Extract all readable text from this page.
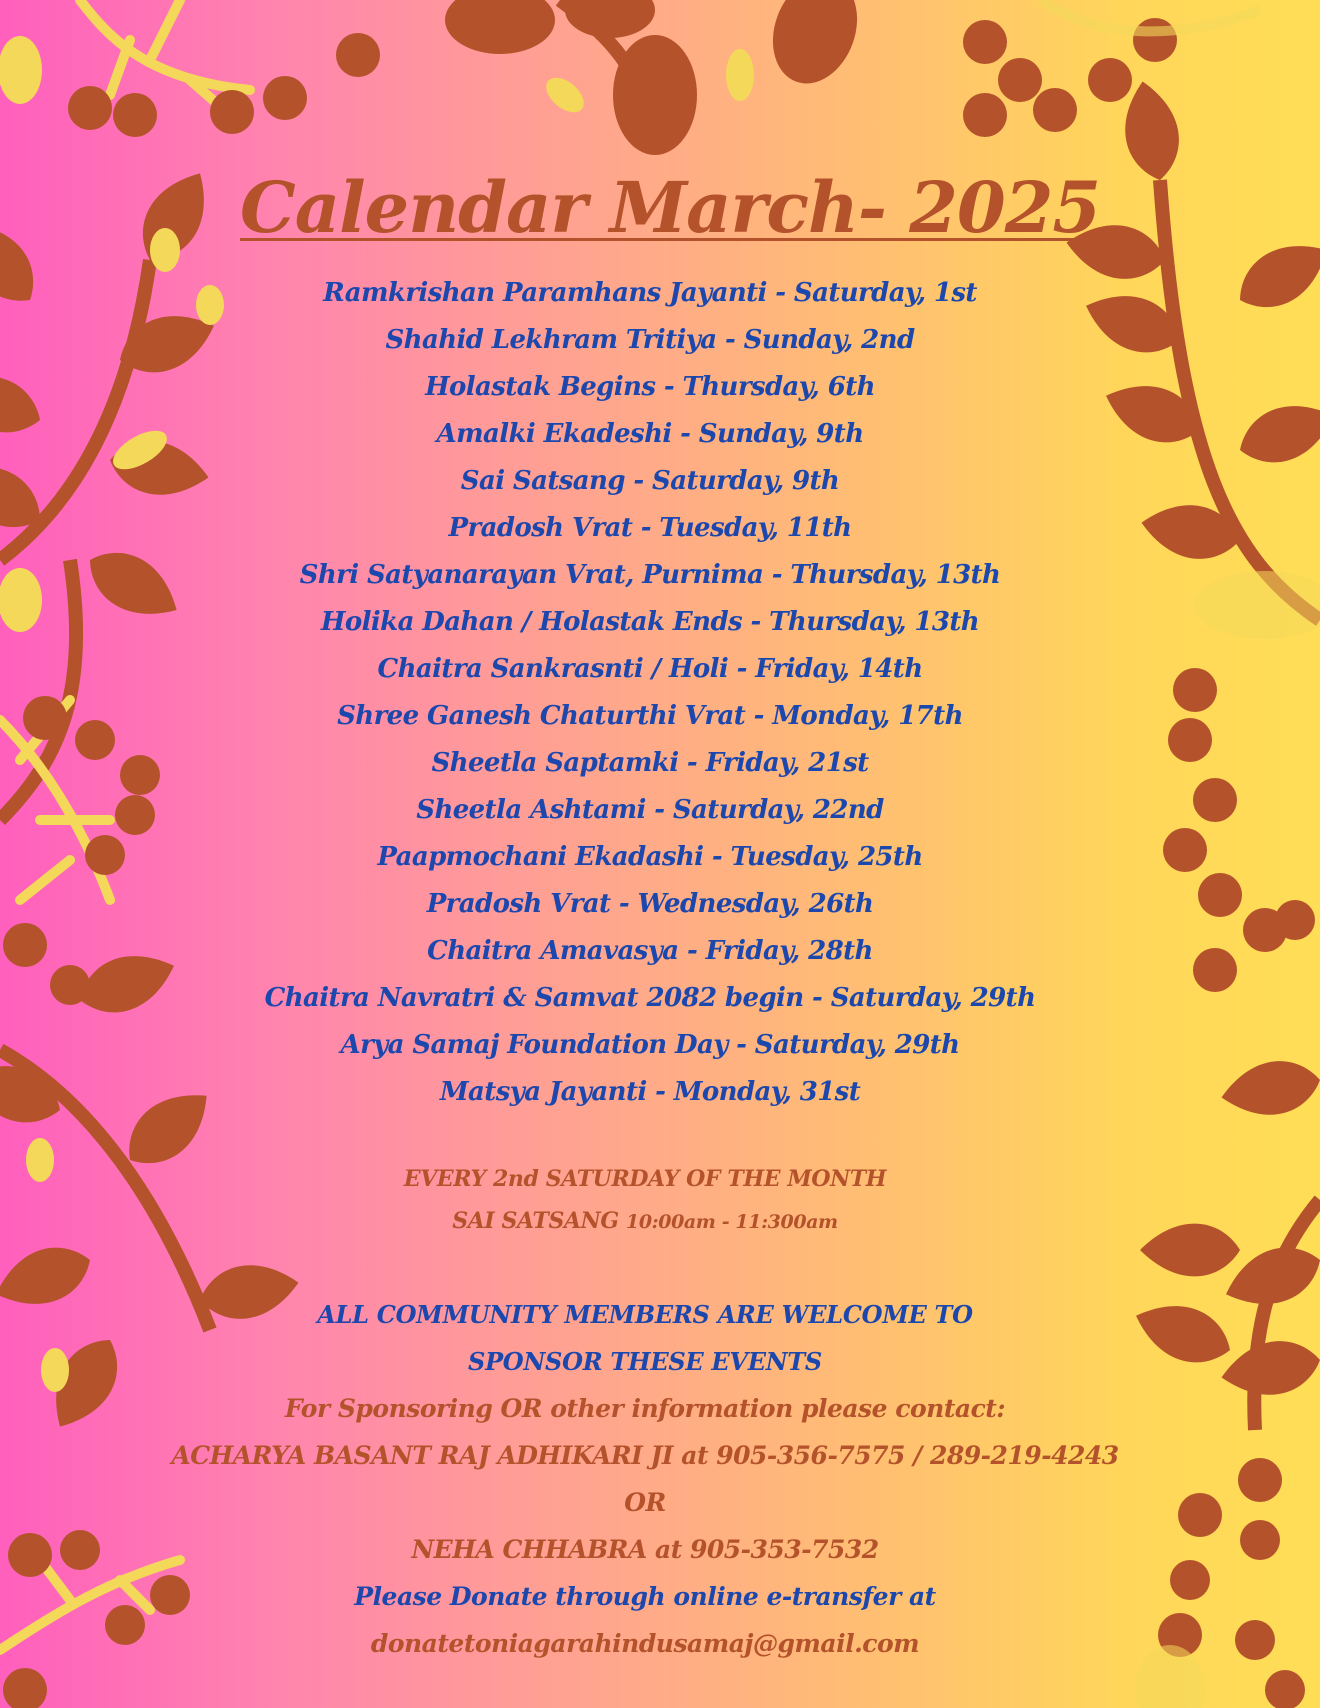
Calendar March- 2025
Ramkrishan Paramhans Jayanti - Saturday, 1st
Shahid Lekhram Tritiya - Sunday, 2nd
Holastak Begins - Thursday, 6th
Amalki Ekadeshi - Sunday, 9th
Sai Satsang - Saturday, 9th
Pradosh Vrat - Tuesday, 11th
Shri Satyanarayan Vrat, Purnima - Thursday, 13th
Holika Dahan / Holastak Ends - Thursday, 13th
Chaitra Sankrasnti / Holi - Friday, 14th
Shree Ganesh Chaturthi Vrat - Monday, 17th
Sheetla Saptamki - Friday, 21st
Sheetla Ashtami - Saturday, 22nd
Paapmochani Ekadashi - Tuesday, 25th
Pradosh Vrat - Wednesday, 26th
Chaitra Amavasya - Friday, 28th
Chaitra Navratri & Samvat 2082 begin - Saturday, 29th
Arya Samaj Foundation Day - Saturday, 29th
Matsya Jayanti - Monday, 31st

EVERY 2nd SATURDAY OF THE MONTH

SAI SATSANG 10:00am - 11:300am

ALL COMMUNITY MEMBERS ARE WELCOME TO

SPONSOR THESE EVENTS

For Sponsoring OR other information please contact:

ACHARYA BASANT RAJ ADHIKARI JI at 905-356-7575 / 289-219-4243

OR

NEHA CHHABRA at 905-353-7532

Please Donate through online e-transfer at

donatetoniagarahindusamaj@gmail.com
